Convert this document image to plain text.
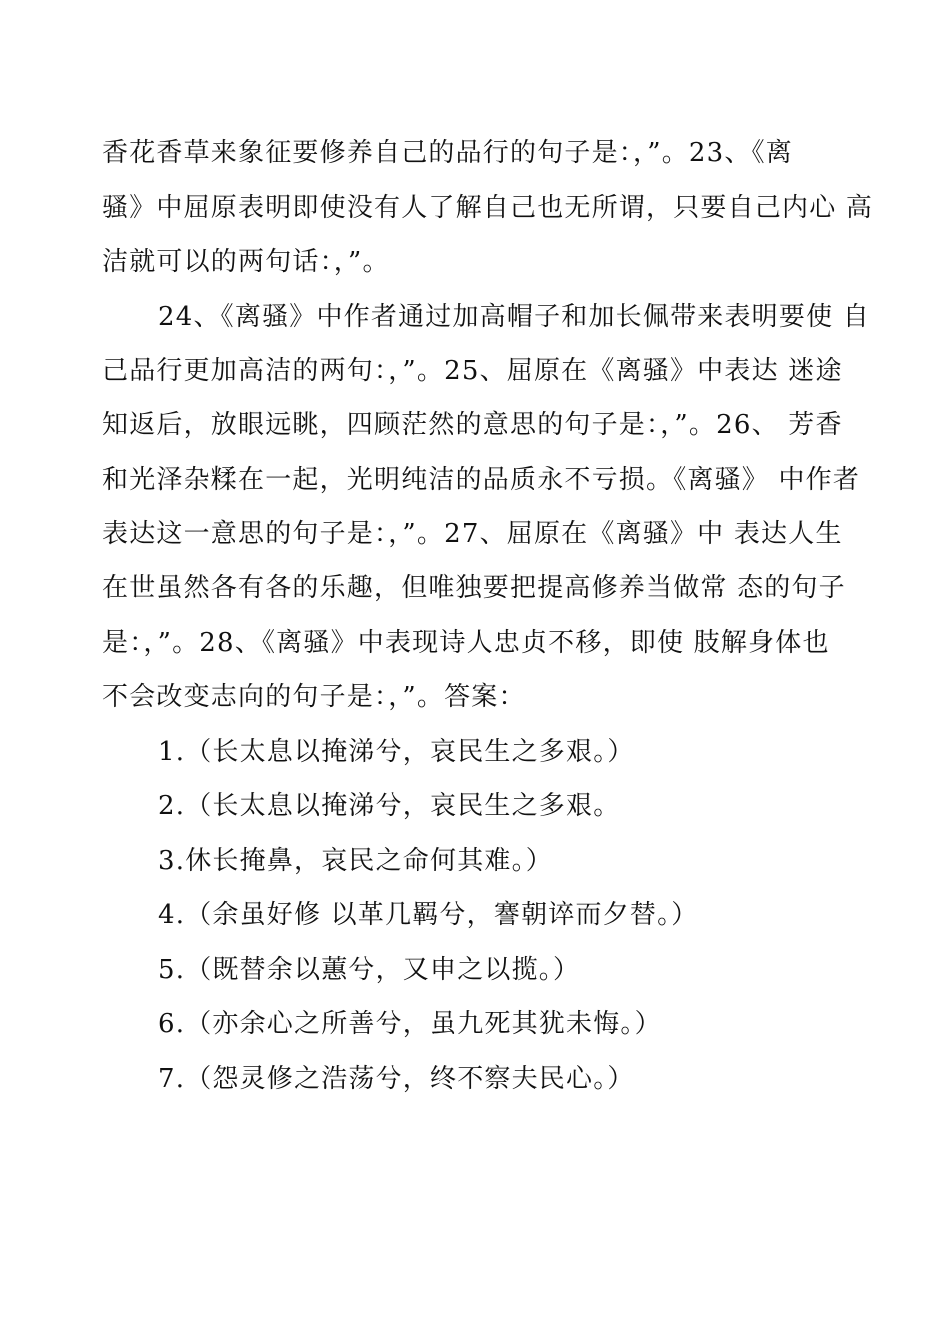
香花香草来象征要修养自己的品行的句子是：，”。23、《离
骚》中屈原表明即使没有人了解自己也无所谓，只要自己内心 高
洁就可以的两句话：，”。
24、《离骚》中作者通过加高帽子和加长佩带来表明要使 自
己品行更加高洁的两句：，”。25、屈原在《离骚》中表达 迷途
知返后，放眼远眺，四顾茫然的意思的句子是：，”。26、 芳香
和光泽杂糅在一起，光明纯洁的品质永不亏损。《离骚》 中作者
表达这一意思的句子是：，”。27、屈原在《离骚》中 表达人生
在世虽然各有各的乐趣，但唯独要把提高修养当做常 态的句子
是：，”。28、《离骚》中表现诗人忠贞不移，即使 肢解身体也
不会改变志向的句子是：，”。答案：
1.（长太息以掩涕兮，哀民生之多艰。）
2.（长太息以掩涕兮，哀民生之多艰。
3.休长掩鼻，哀民之命何其难。）
4.（余虽好修 以革几羁兮，謇朝谇而夕替。）
5.（既替余以蕙兮，又申之以揽。）
6.（亦余心之所善兮，虽九死其犹未悔。）
7.（怨灵修之浩荡兮，终不察夫民心。）
